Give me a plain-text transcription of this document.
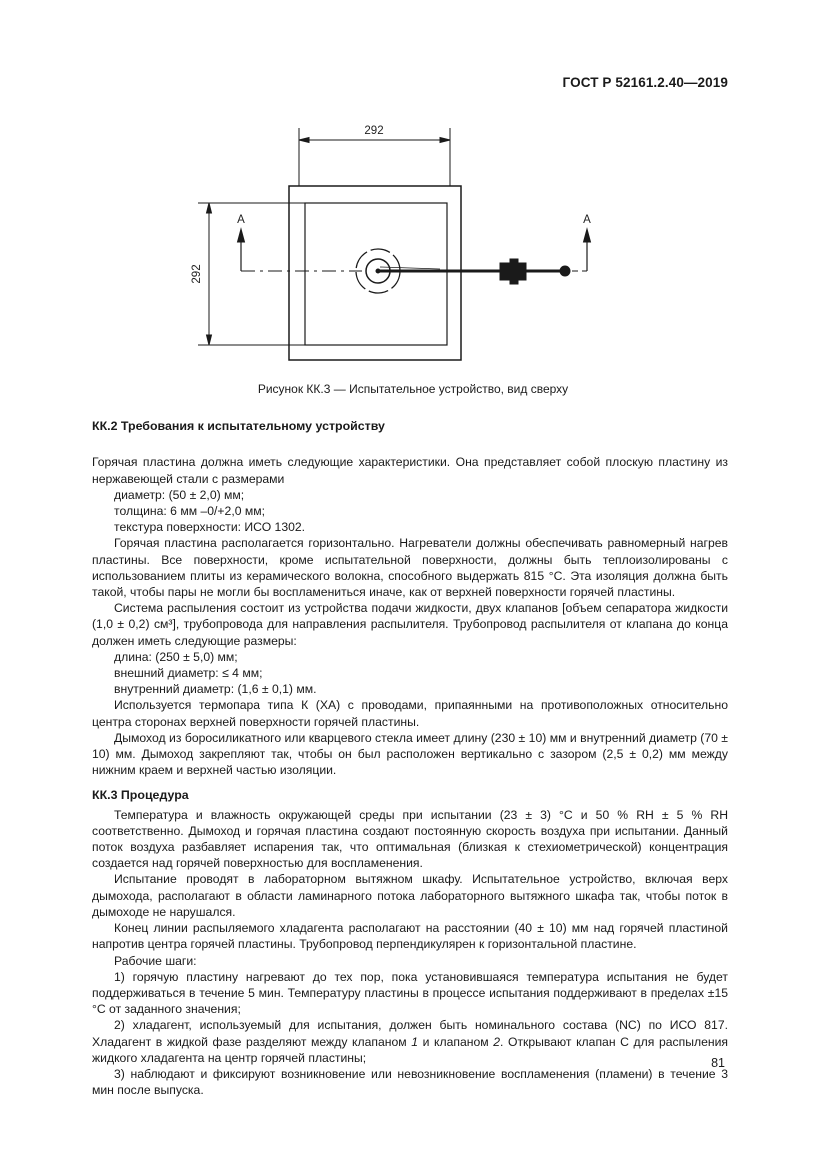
ГОСТ Р 52161.2.40—2019
292
292
А	А
Рисунок КК.3 — Испытательное устройство, вид сверху
КК.2 Требования к испытательному устройству

Горячая пластина должна иметь следующие характеристики. Она представляет собой плоскую пластину из нержавеющей стали с размерами

диаметр: (50 ± 2,0) мм;

толщина: 6 мм –0/+2,0 мм;

текстура поверхности: ИСО 1302.

Горячая пластина располагается горизонтально. Нагреватели должны обеспечивать равномерный нагрев пластины. Все поверхности, кроме испытательной поверхности, должны быть теплоизолированы с использованием плиты из керамического волокна, способного выдержать 815 °С. Эта изоляция должна быть такой, чтобы пары не могли бы воспламениться иначе, как от верхней поверхности горячей пластины.

Система распыления состоит из устройства подачи жидкости, двух клапанов [объем сепаратора жидкости (1,0 ± 0,2) см³], трубопровода для направления распылителя. Трубопровод распылителя от клапана до конца должен иметь следующие размеры:

длина: (250 ± 5,0) мм;

внешний диаметр: ≤ 4 мм;

внутренний диаметр: (1,6 ± 0,1) мм.

Используется термопара типа К (ХА) с проводами, припаянными на противоположных относительно центра сторонах верхней поверхности горячей пластины.

Дымоход из боросиликатного или кварцевого стекла имеет длину (230 ± 10) мм и внутренний диаметр (70 ± 10) мм. Дымоход закрепляют так, чтобы он был расположен вертикально с зазором (2,5 ± 0,2) мм между нижним краем и верхней частью изоляции.

КК.3 Процедура

Температура и влажность окружающей среды при испытании (23 ± 3) °С и 50 % RH ± 5 % RH соответственно. Дымоход и горячая пластина создают постоянную скорость воздуха при испытании. Данный поток воздуха разбавляет испарения так, что оптимальная (близкая к стехиометрической) концентрация создается над горячей поверхностью для воспламенения.

Испытание проводят в лабораторном вытяжном шкафу. Испытательное устройство, включая верх дымохода, располагают в области ламинарного потока лабораторного вытяжного шкафа так, чтобы поток в дымоходе не нарушался.

Конец линии распыляемого хладагента располагают на расстоянии (40 ± 10) мм над горячей пластиной напротив центра горячей пластины. Трубопровод перпендикулярен к горизонтальной пластине.

Рабочие шаги:

1) горячую пластину нагревают до тех пор, пока установившаяся температура испытания не будет поддерживаться в течение 5 мин. Температуру пластины в процессе испытания поддерживают в пределах ±15 °С от заданного значения;

2) хладагент, используемый для испытания, должен быть номинального состава (NC) по ИСО 817. Хладагент в жидкой фазе разделяют между клапаном 1 и клапаном 2. Открывают клапан С для распыления жидкого хладагента на центр горячей пластины;

3) наблюдают и фиксируют возникновение или невозникновение воспламенения (пламени) в течение 3 мин после выпуска.

81
